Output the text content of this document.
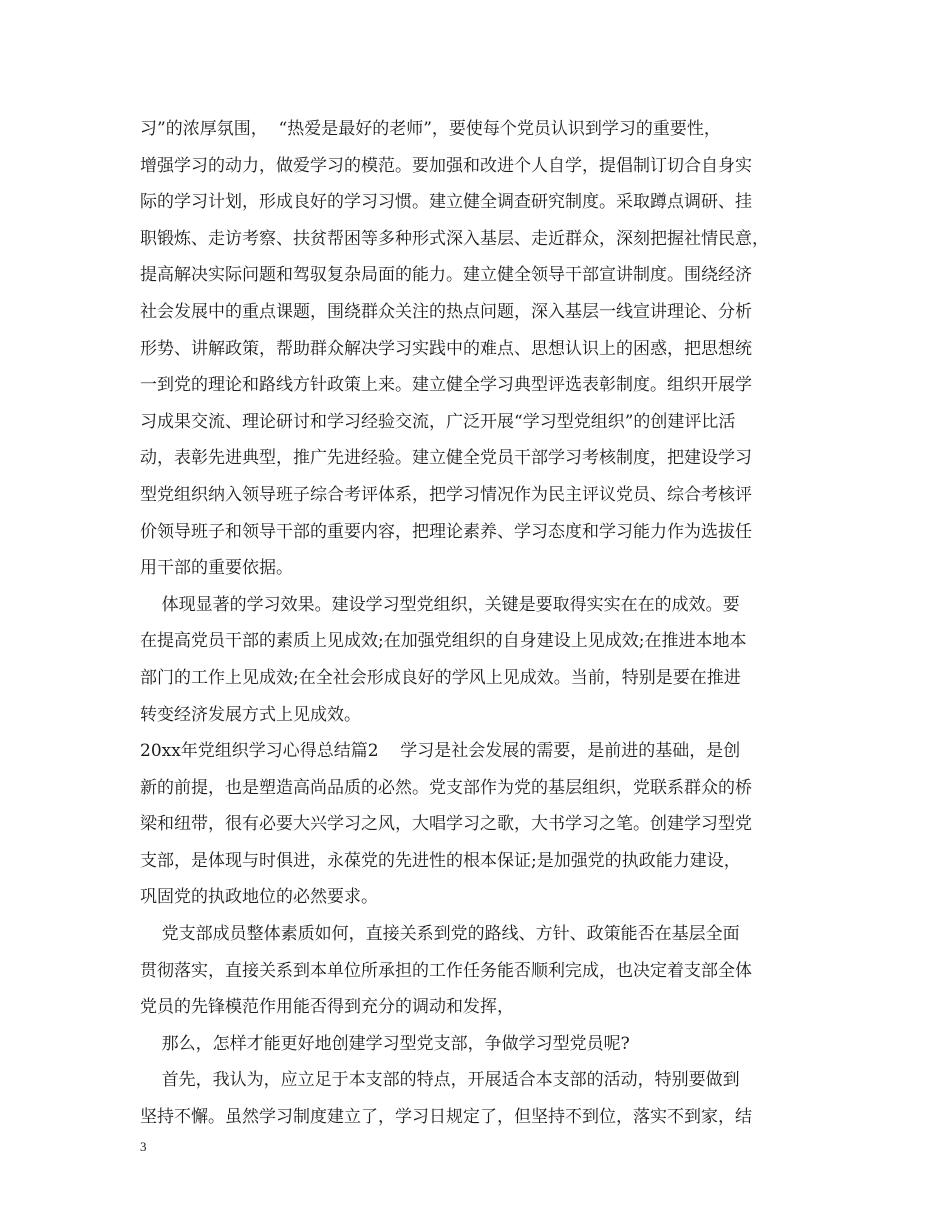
习”的浓厚氛围，  “热爱是最好的老师”，要使每个党员认识到学习的重要性，
增强学习的动力，做爱学习的模范。要加强和改进个人自学，提倡制订切合自身实
际的学习计划，形成良好的学习习惯。建立健全调查研究制度。采取蹲点调研、挂
职锻炼、走访考察、扶贫帮困等多种形式深入基层、走近群众，深刻把握社情民意，
提高解决实际问题和驾驭复杂局面的能力。建立健全领导干部宣讲制度。围绕经济
社会发展中的重点课题，围绕群众关注的热点问题，深入基层一线宣讲理论、分析
形势、讲解政策，帮助群众解决学习实践中的难点、思想认识上的困惑，把思想统
一到党的理论和路线方针政策上来。建立健全学习典型评选表彰制度。组织开展学
习成果交流、理论研讨和学习经验交流，广泛开展“学习型党组织”的创建评比活
动，表彰先进典型，推广先进经验。建立健全党员干部学习考核制度，把建设学习
型党组织纳入领导班子综合考评体系，把学习情况作为民主评议党员、综合考核评
价领导班子和领导干部的重要内容，把理论素养、学习态度和学习能力作为选拔任
用干部的重要依据。
体现显著的学习效果。建设学习型党组织，关键是要取得实实在在的成效。要
在提高党员干部的素质上见成效;在加强党组织的自身建设上见成效;在推进本地本
部门的工作上见成效;在全社会形成良好的学风上见成效。当前，特别是要在推进
转变经济发展方式上见成效。
20xx年党组织学习心得总结篇2    学习是社会发展的需要，是前进的基础，是创
新的前提，也是塑造高尚品质的必然。党支部作为党的基层组织，党联系群众的桥
梁和纽带，很有必要大兴学习之风，大唱学习之歌，大书学习之笔。创建学习型党
支部，是体现与时俱进，永葆党的先进性的根本保证;是加强党的执政能力建设，
巩固党的执政地位的必然要求。
党支部成员整体素质如何，直接关系到党的路线、方针、政策能否在基层全面
贯彻落实，直接关系到本单位所承担的工作任务能否顺利完成，也决定着支部全体
党员的先锋模范作用能否得到充分的调动和发挥，
那么，怎样才能更好地创建学习型党支部，争做学习型党员呢?
首先，我认为，应立足于本支部的特点，开展适合本支部的活动，特别要做到
坚持不懈。虽然学习制度建立了，学习日规定了，但坚持不到位，落实不到家，结
3
